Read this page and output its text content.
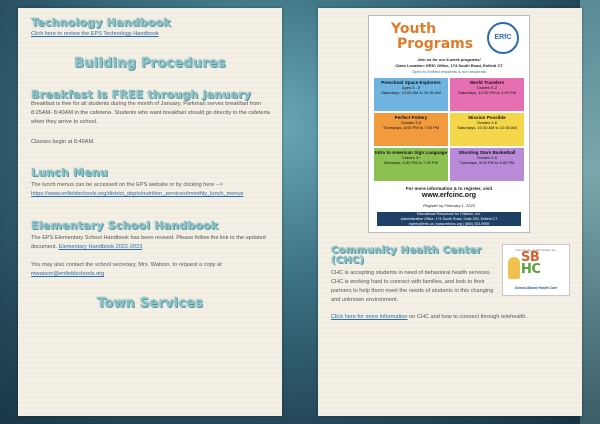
Technology Handbook
Click here to review the EPS Technology Handbook
Building Procedures
Breakfast is FREE through January

Breakfast is free for all students during the month of January. Parkman serves breakfast from 8:25AM- 8:40AM in the cafeteria. Students who want breakfast should go directly to the cafeteria when they arrive to school.

Classes begin at 8:40AM.

Lunch Menu

The lunch menus can be accessed on the EPS website or by clicking here -->

https://www.enfieldschools.org/district_depts/nutrition_services/monthly_lunch_menus
Elementary School Handbook

The EPS Elementary School Handbook has been revised. Please follow the link to the updated document. Elementary Handbook 2022-2023

You may also contact the school secretary, Mrs. Watson, to request a copy at

mwatson@enfieldschools.org
Town Services
Youth
Programs	ERfC
Join us for our 6-week programs!
Class Location: ERfC Office, 174 South Road, Enfield CT
Open to Enfield residents & non residents
Preschool Space Explorers
Ages 3 - 5
Saturdays, 10:00 AM to 10:30 AM
World Travelers
Grades K-2
Saturdays, 12:00 PM to 1:00 PM
Perfect Pottery
Grades 3-6
Thursdays, 6:00 PM to 7:00 PM
Mission Possible
Grades 3-6
Saturdays, 10:30 AM to 12:30 AM
Intro to American Sign Language
Grades 3+
Mondays, 6:30 PM to 7:30 PM
Shooting Stars Basketball
Grades 2-5
Tuesdays, 5:00 PM to 6:00 PM
For more information & to register, visit
www.erfcinc.org
Register by February 1, 2023
Educational Resources for Children, Inc.
Administrative Office: 174 South Road, Suite 200, Enfield CT
myinfo@erfc.us | www.erfcinc.org | (860) 253-9959
Community Health Center (CHC)

CHC is accepting students in need of behavioral health services. CHC is working hard to connect with families, and look to their partners to help them meet the needs of students in this changing and unknown environment.

Click here for more information on CHC and how to connect through telehealth.

Community Health Center, Inc.
SB
HC
School-Based Health Care
